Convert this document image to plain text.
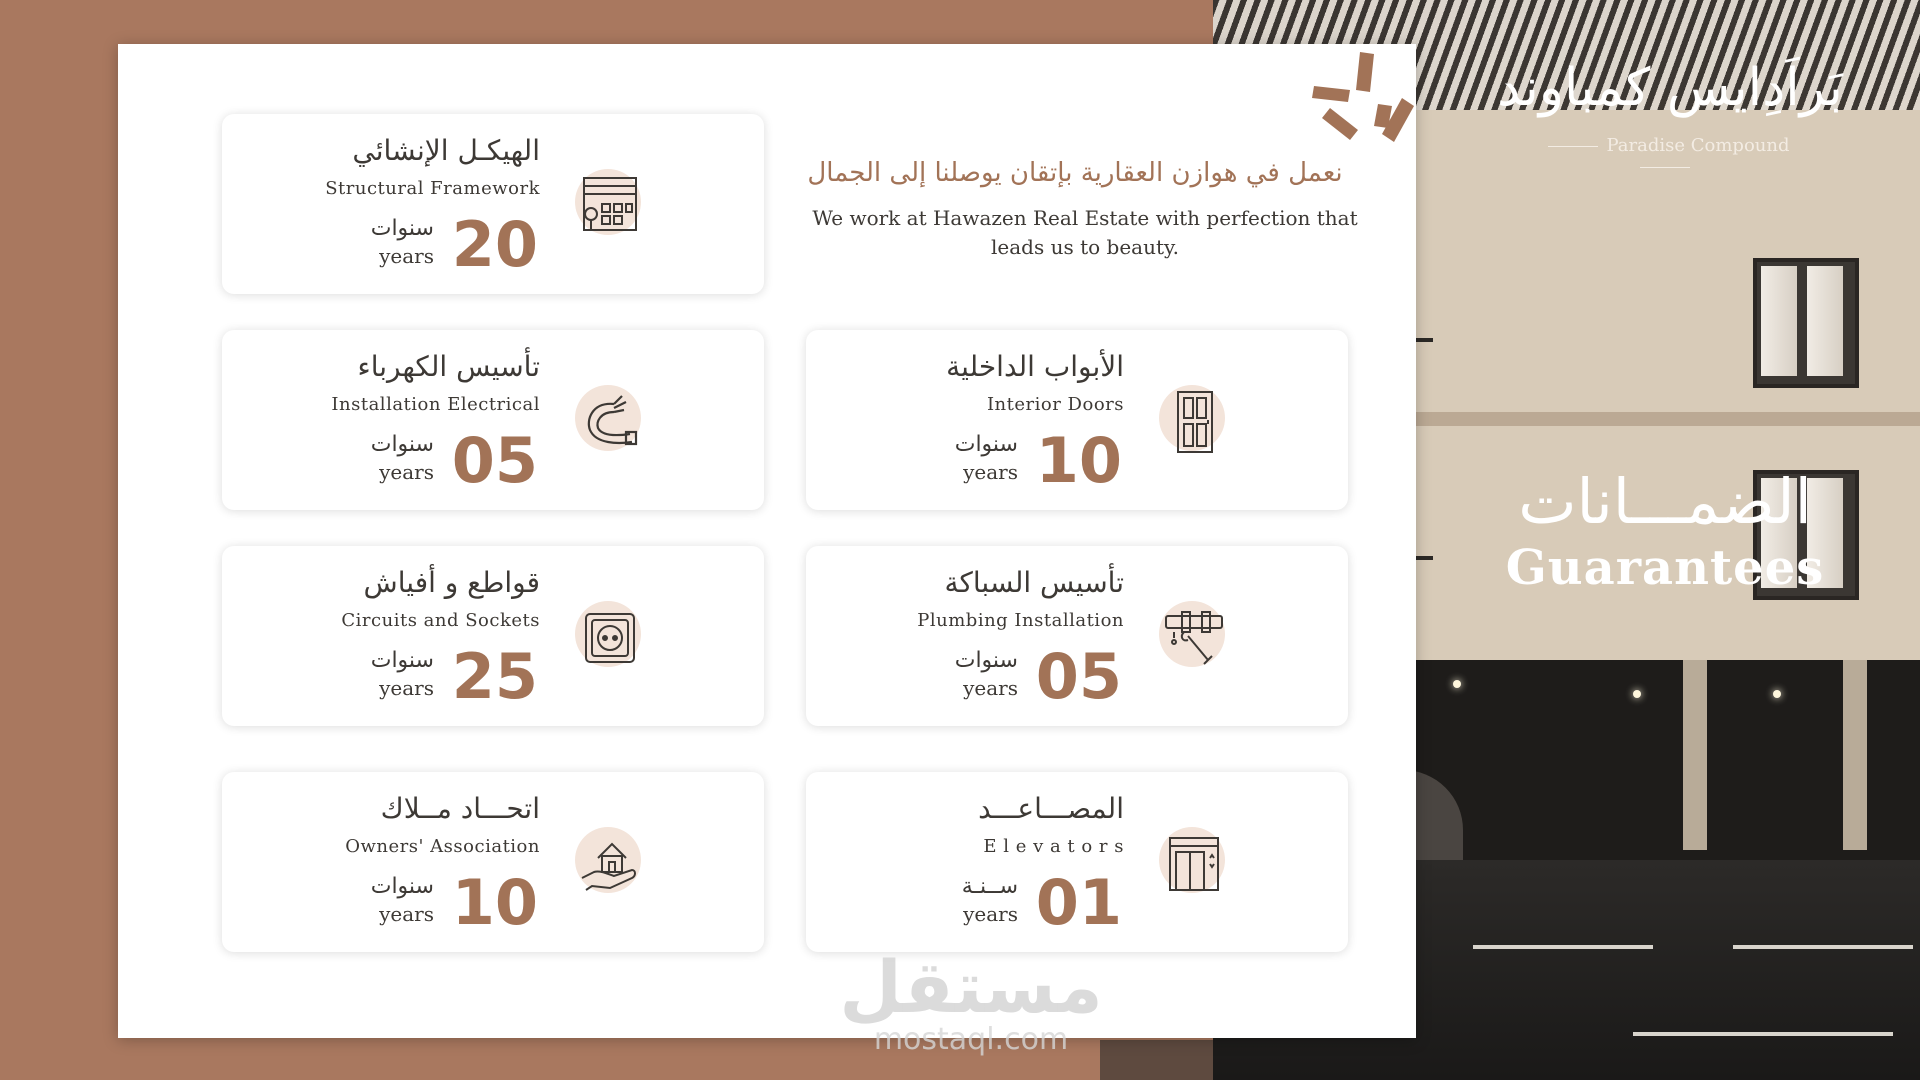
بَراَدِايس كمباوند
Paradise Compound
الضمـــانات
Guarantees
نعمل في هوازن العقارية بإتقان يوصلنا إلى الجمال
We work at Hawazen Real Estate with perfection that leads us to beauty.
الهيكـل الإنشائي
Structural Framework
20
سنوات
years
تأسيس الكهرباء
Installation Electrical
05
سنوات
years
الأبواب الداخلية
Interior Doors
10
سنوات
years
قواطع و أفياش
Circuits and Sockets
25
سنوات
years
تأسيس السباكة
Plumbing Installation
05
سنوات
years
اتحـــاد مــلاك
Owners' Association
10
سنوات
years
المصـــاعـــد
E l e v a t o r s
01
ســنـة
years
مستقل
mostaql.com
